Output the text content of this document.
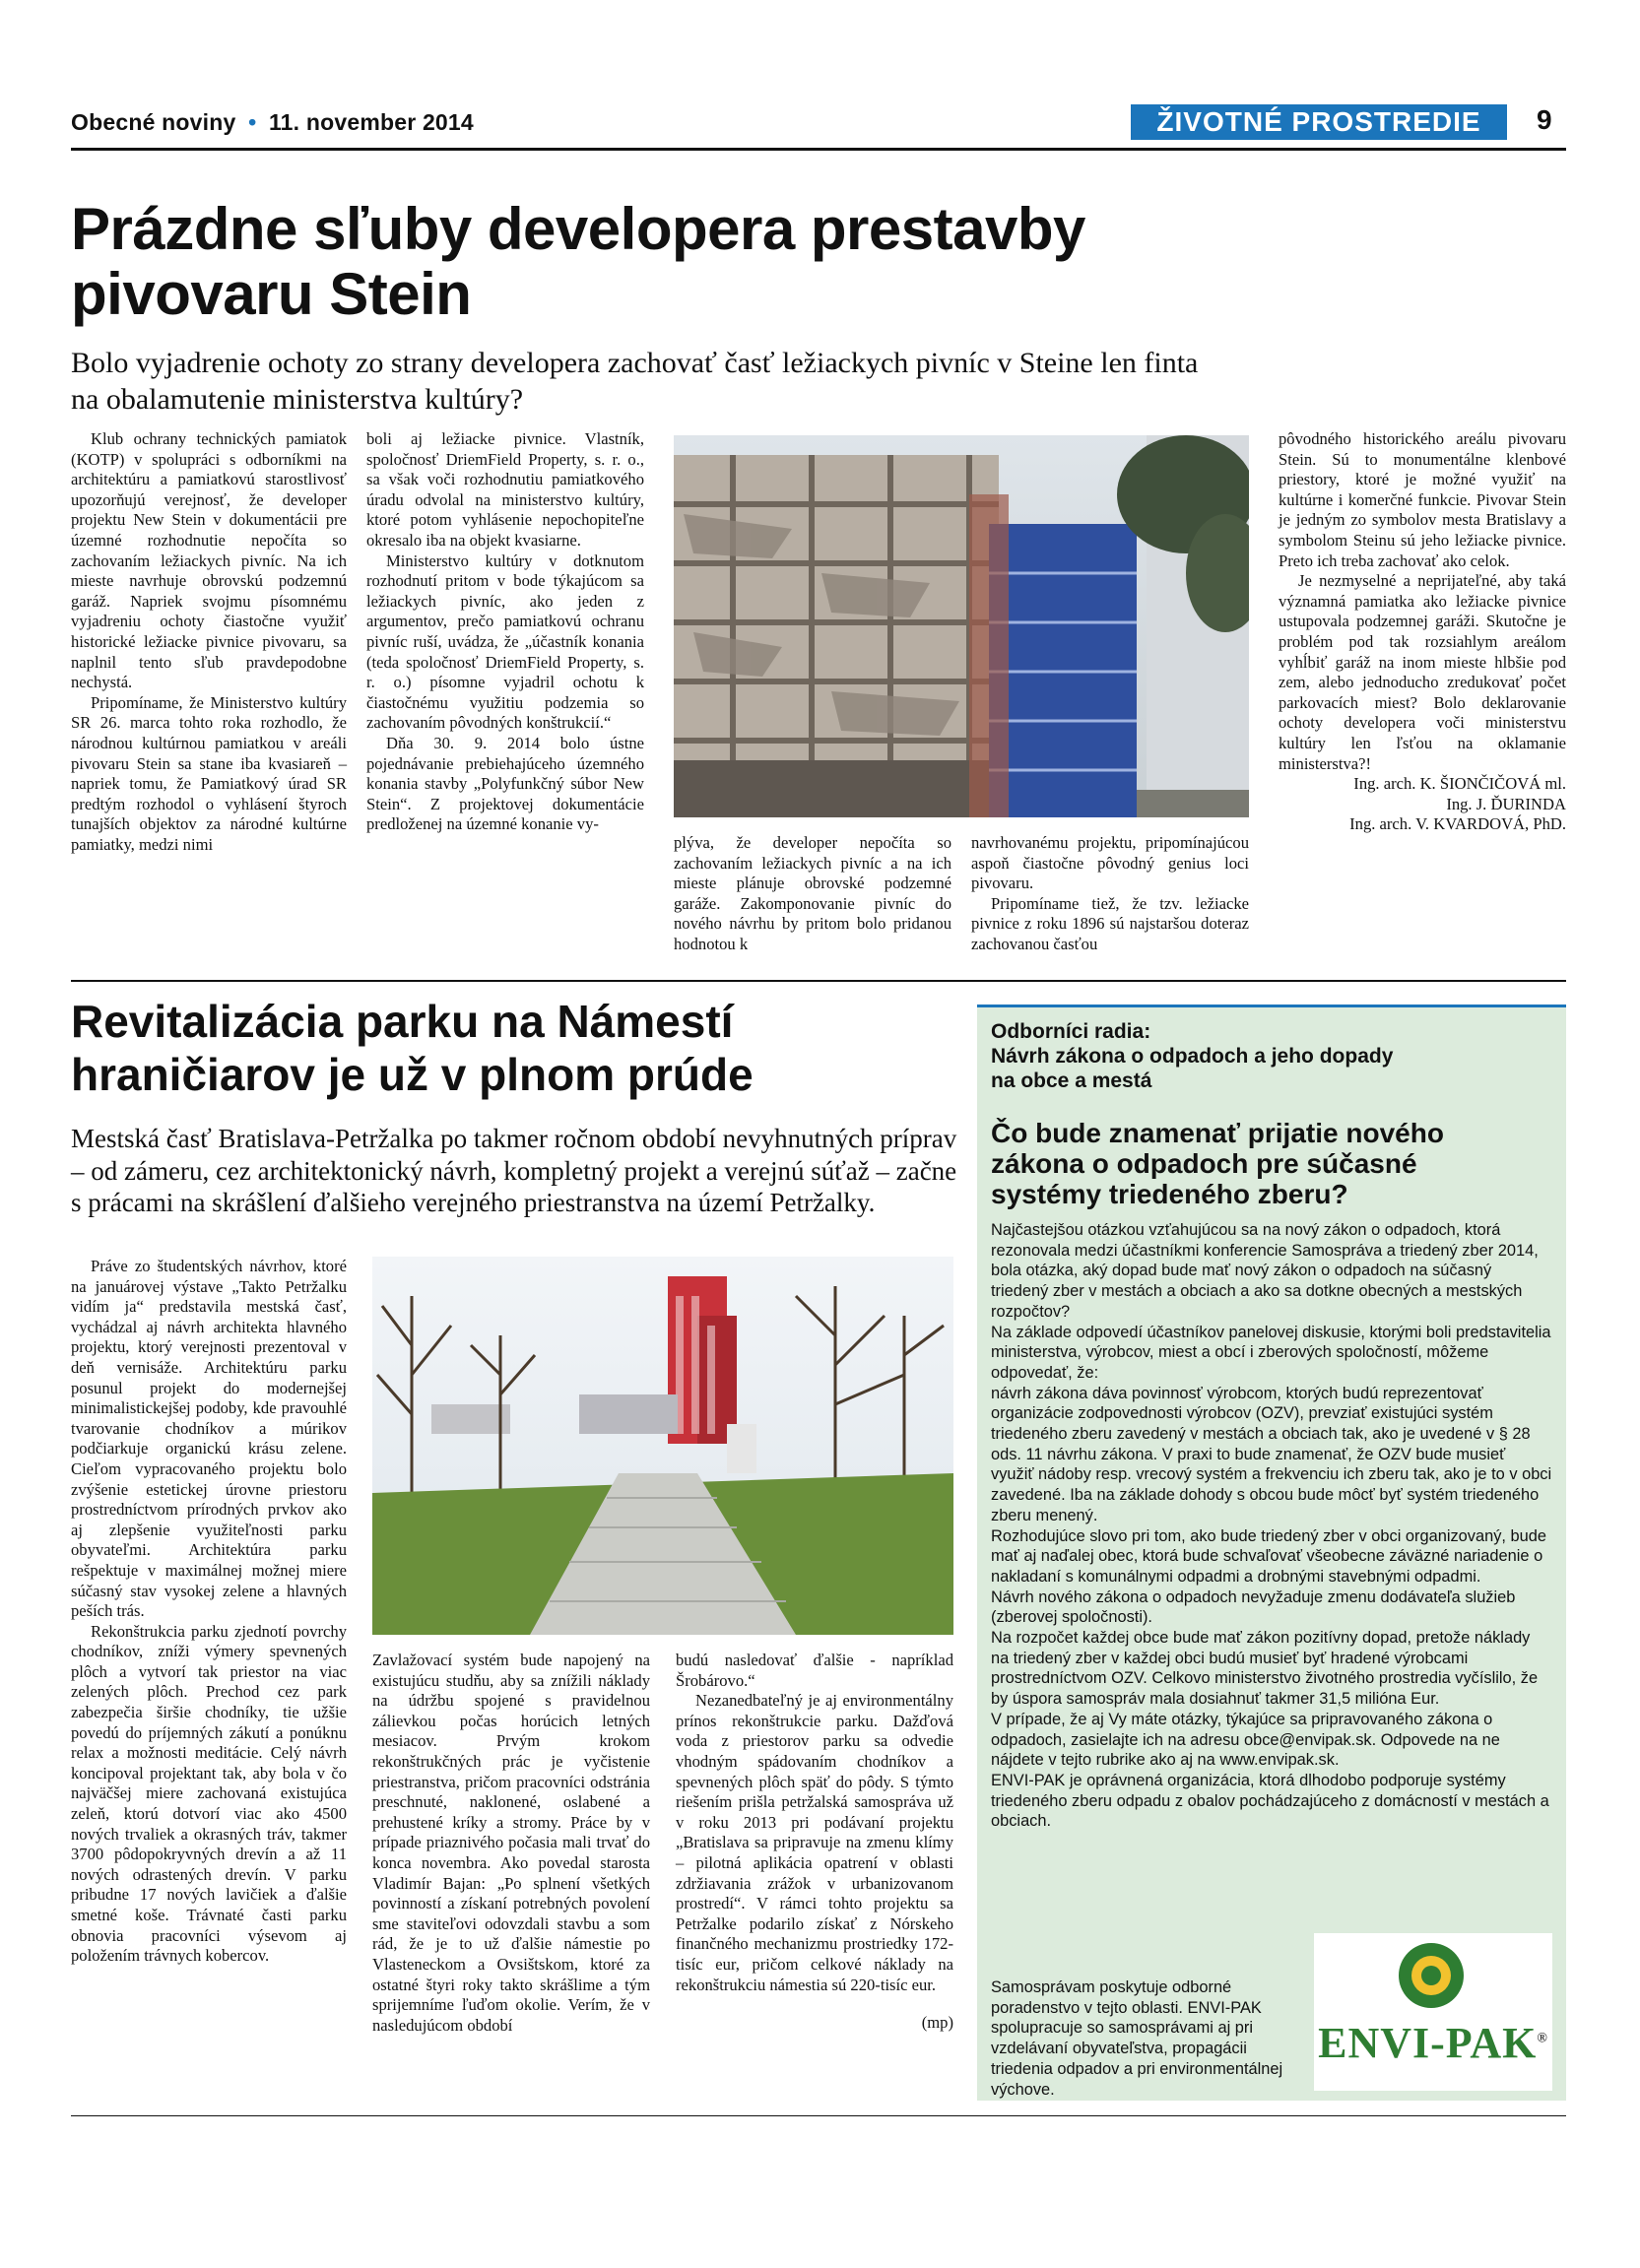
Obecné noviny • 11. november 2014	ŽIVOTNÉ PROSTREDIE	9
Prázdne sľuby developera prestavby
pivovaru Stein
Bolo vyjadrenie ochoty zo strany developera zachovať časť ležiackych pivníc v Steine len finta
na obalamutenie ministerstva kultúry?

Klub ochrany technických pamiatok (KOTP) v spolupráci s odborníkmi na architektúru a pamiatkovú starostlivosť upozorňujú verejnosť, že developer projektu New Stein v dokumentácii pre územné rozhodnutie nepočíta so zachovaním ležiackych pivníc. Na ich mieste navrhuje obrovskú podzemnú garáž. Napriek svojmu písomnému vyjadreniu ochoty čiastočne využiť historické ležiacke pivnice pivovaru, sa naplnil tento sľub pravdepodobne nechystá.

Pripomíname, že Ministerstvo kultúry SR 26. marca tohto roka rozhodlo, že národnou kultúrnou pamiatkou v areáli pivovaru Stein sa stane iba kvasiareň – napriek tomu, že Pamiatkový úrad SR predtým rozhodol o vyhlásení štyroch tunajších objektov za národné kultúrne pamiatky, medzi nimi

boli aj ležiacke pivnice. Vlastník, spoločnosť DriemField Property, s. r. o., sa však voči rozhodnutiu pamiatkového úradu odvolal na ministerstvo kultúry, ktoré potom vyhlásenie nepochopiteľne okresalo iba na objekt kvasiarne.

Ministerstvo kultúry v dotknutom rozhodnutí pritom v bode týkajúcom sa ležiackych pivníc, ako jeden z argumentov, prečo pamiatkovú ochranu pivníc ruší, uvádza, že „účastník konania (teda spoločnosť DriemField Property, s. r. o.) písomne vyjadril ochotu k čiastočnému využitiu podzemia so zachovaním pôvodných konštrukcií.“

Dňa 30. 9. 2014 bolo ústne pojednávanie prebiehajúceho územného konania stavby „Polyfunkčný súbor New Stein“. Z projektovej dokumentácie predloženej na územné konanie vy-

plýva, že developer nepočíta so zachovaním ležiackych pivníc a na ich mieste plánuje obrovské podzemné garáže. Zakomponovanie pivníc do nového návrhu by pritom bolo pridanou hodnotou k

navrhovanému projektu, pripomínajúcou aspoň čiastočne pôvodný genius loci pivovaru.

Pripomíname tiež, že tzv. ležiacke pivnice z roku 1896 sú najstaršou doteraz zachovanou časťou

pôvodného historického areálu pivovaru Stein. Sú to monumentálne klenbové priestory, ktoré je možné využiť na kultúrne i komerčné funkcie. Pivovar Stein je jedným zo symbolov mesta Bratislavy a symbolom Steinu sú jeho ležiacke pivnice. Preto ich treba zachovať ako celok.

Je nezmyselné a neprijateľné, aby taká významná pamiatka ako ležiacke pivnice ustupovala podzemnej garáži. Skutočne je problém pod tak rozsiahlym areálom vyhĺbiť garáž na inom mieste hlbšie pod zem, alebo jednoducho zredukovať počet parkovacích miest? Bolo deklarovanie ochoty developera voči ministerstvu kultúry len ľsťou na oklamanie ministerstva?!

Ing. arch. K. ŠIONČIČOVÁ ml.
Ing. J. ĎURINDA
Ing. arch. V. KVARDOVÁ, PhD.
Revitalizácia parku na Námestí
hraničiarov je už v plnom prúde
Mestská časť Bratislava-Petržalka po takmer ročnom období nevyhnutných príprav – od zámeru, cez architektonický návrh, kompletný projekt a verejnú súťaž – začne s prácami na skrášlení ďalšieho verejného priestranstva na území Petržalky.

Práve zo študentských návrhov, ktoré na januárovej výstave „Takto Petržalku vidím ja“ predstavila mestská časť, vychádzal aj návrh architekta hlavného projektu, ktorý verejnosti prezentoval v deň vernisáže. Architektúru parku posunul projekt do modernejšej minimalistickejšej podoby, kde pravouhlé tvarovanie chodníkov a múrikov podčiarkuje organickú krásu zelene. Cieľom vypracovaného projektu bolo zvýšenie estetickej úrovne priestoru prostredníctvom prírodných prvkov ako aj zlepšenie využiteľnosti parku obyvateľmi. Architektúra parku rešpektuje v maximálnej možnej miere súčasný stav vysokej zelene a hlavných peších trás.

Rekonštrukcia parku zjednotí povrchy chodníkov, zníži výmery spevnených plôch a vytvorí tak priestor na viac zelených plôch. Prechod cez park zabezpečia širšie chodníky, tie užšie povedú do príjemných zákutí a ponúknu relax a možnosti meditácie. Celý návrh koncipoval projektant tak, aby bola v čo najväčšej miere zachovaná existujúca zeleň, ktorú dotvorí viac ako 4500 nových trvaliek a okrasných tráv, takmer 3700 pôdopokryvných drevín a až 11 nových odrastených drevín. V parku pribudne 17 nových lavičiek a ďalšie smetné koše. Trávnaté časti parku obnovia pracovníci výsevom aj položením trávnych kobercov.

Zavlažovací systém bude napojený na existujúcu studňu, aby sa znížili náklady na údržbu spojené s pravidelnou zálievkou počas horúcich letných mesiacov. Prvým krokom rekonštrukčných prác je vyčistenie priestranstva, pričom pracovníci odstránia preschnuté, naklonené, oslabené a prehustené kríky a stromy. Práce by v prípade priaznivého počasia mali trvať do konca novembra. Ako povedal starosta Vladimír Bajan: „Po splnení všetkých povinností a získaní potrebných povolení sme staviteľovi odovzdali stavbu a som rád, že je to už ďalšie námestie po Vlasteneckom a Ovsištskom, ktoré za ostatné štyri roky takto skrášlime a tým sprijemníme ľuďom okolie. Verím, že v nasledujúcom období

budú nasledovať ďalšie - napríklad Šrobárovo.“

Nezanedbateľný je aj environmentálny prínos rekonštrukcie parku. Dažďová voda z priestorov parku sa odvedie vhodným spádovaním chodníkov a spevnených plôch späť do pôdy. S týmto riešením prišla petržalská samospráva už v roku 2013 pri podávaní projektu „Bratislava sa pripravuje na zmenu klímy – pilotná aplikácia opatrení v oblasti zdržiavania zrážok v urbanizovanom prostredí“. V rámci tohto projektu sa Petržalke podarilo získať z Nórskeho finančného mechanizmu prostriedky 172-tisíc eur, pričom celkové náklady na rekonštrukciu námestia sú 220-tisíc eur.

(mp)
Odborníci radia:
Návrh zákona o odpadoch a jeho dopady
na obce a mestá
Čo bude znamenať prijatie nového
zákona o odpadoch pre súčasné
systémy triedeného zberu?

Najčastejšou otázkou vzťahujúcou sa na nový zákon o odpadoch, ktorá rezonovala medzi účastníkmi konferencie Samospráva a triedený zber 2014, bola otázka, aký dopad bude mať nový zákon o odpadoch na súčasný triedený zber v mestách a obciach a ako sa dotkne obecných a mestských rozpočtov?

Na základe odpovedí účastníkov panelovej diskusie, ktorými boli predstavitelia ministerstva, výrobcov, miest a obcí i zberových spoločností, môžeme odpovedať, že:

návrh zákona dáva povinnosť výrobcom, ktorých budú reprezentovať organizácie zodpovednosti výrobcov (OZV), prevziať existujúci systém triedeného zberu zavedený v mestách a obciach tak, ako je uvedené v § 28 ods. 11 návrhu zákona. V praxi to bude znamenať, že OZV bude musieť využiť nádoby resp. vrecový systém a frekvenciu ich zberu tak, ako je to v obci zavedené. Iba na základe dohody s obcou bude môcť byť systém triedeného zberu menený.

Rozhodujúce slovo pri tom, ako bude triedený zber v obci organizovaný, bude mať aj naďalej obec, ktorá bude schvaľovať všeobecne záväzné nariadenie o nakladaní s komunálnymi odpadmi a drobnými stavebnými odpadmi.

Návrh nového zákona o odpadoch nevyžaduje zmenu dodávateľa služieb (zberovej spoločnosti).

Na rozpočet každej obce bude mať zákon pozitívny dopad, pretože náklady na triedený zber v každej obci budú musieť byť hradené výrobcami prostredníctvom OZV. Celkovo ministerstvo životného prostredia vyčíslilo, že by úspora samospráv mala dosiahnuť takmer 31,5 milióna Eur.

V prípade, že aj Vy máte otázky, týkajúce sa pripravovaného zákona o odpadoch, zasielajte ich na adresu obce@envipak.sk. Odpovede na ne nájdete v tejto rubrike ako aj na www.envipak.sk.

ENVI-PAK je oprávnená organizácia, ktorá dlhodobo podporuje systémy triedeného zberu odpadu z obalov pochádzajúceho z domácností v mestách a obciach.

Samosprávam poskytuje odborné poradenstvo v tejto oblasti. ENVI-PAK spolupracuje so samosprávami aj pri vzdelávaní obyvateľstva, propagácii triedenia odpadov a pri environmentálnej výchove.
ENVI-PAK®
